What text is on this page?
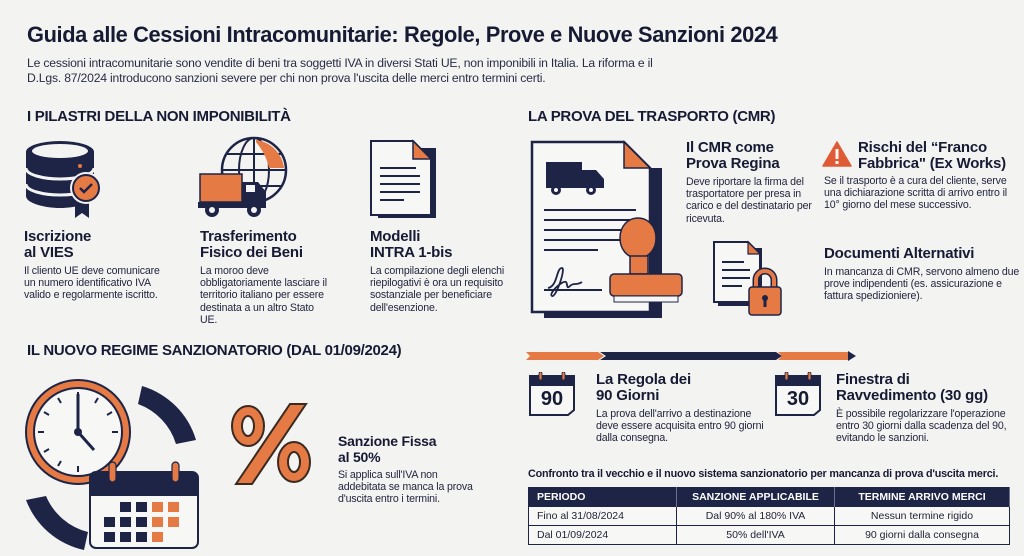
Guida alle Cessioni Intracomunitarie: Regole, Prove e Nuove Sanzioni 2024
Le cessioni intracomunitarie sono vendite di beni tra soggetti IVA in diversi Stati UE, non imponibili in Italia. La riforma e il
D.Lgs. 87/2024 introducono sanzioni severe per chi non prova l'uscita delle merci entro termini certi.
I PILASTRI DELLA NON IMPONIBILITÀ
Iscrizione
al VIES
Il cliento UE deve comunicare un numero identificativo IVA valido e regolarmente iscritto.
Trasferimento
Fisico dei Beni
La moroo deve obbligatoriamente lasciare il territorio italiano per essere destinata a un altro Stato UE.
Modelli
INTRA 1-bis
La compilazione degli elenchi riepilogativi è ora un requisito sostanziale per beneficiare dell'esenzione.
LA PROVA DEL TRASPORTO (CMR)
Il CMR come
Prova Regina
Deve riportare la firma del trasportatore per presa in carico e del destinatario per ricevuta.
Rischi del “Franco
Fabbrica" (Ex Works)
Se il trasporto è a cura del cliente, serve una dichiarazione scritta di arrivo entro il 10° giorno del mese successivo.
Documenti Alternativi
In mancanza di CMR, servono almeno due prove indipendenti (es. assicurazione e fattura spedizioniere).
IL NUOVO REGIME SANZIONATORIO (DAL 01/09/2024)
Sanzione Fissa
al 50%
Si applica sull'IVA non addebitata se manca la prova d'uscita entro i termini.
90
La Regola dei
90 Giorni
La prova dell'arrivo a destinazione deve essere acquisita entro 90 giorni dalla consegna.
30
Finestra di
Ravvedimento (30 gg)
È possibile regolarizzare l'operazione entro 30 giorni dalla scadenza del 90, evitando le sanzioni.
Confronto tra il vecchio e il nuovo sistema sanzionatorio per mancanza di prova d'uscita merci.
PERIODO	SANZIONE APPLICABILE	TERMINE ARRIVO MERCI
Fino al 31/08/2024	Dal 90% al 180% IVA	Nessun termine rigido
Dal 01/09/2024	50% dell'IVA	90 giorni dalla consegna
